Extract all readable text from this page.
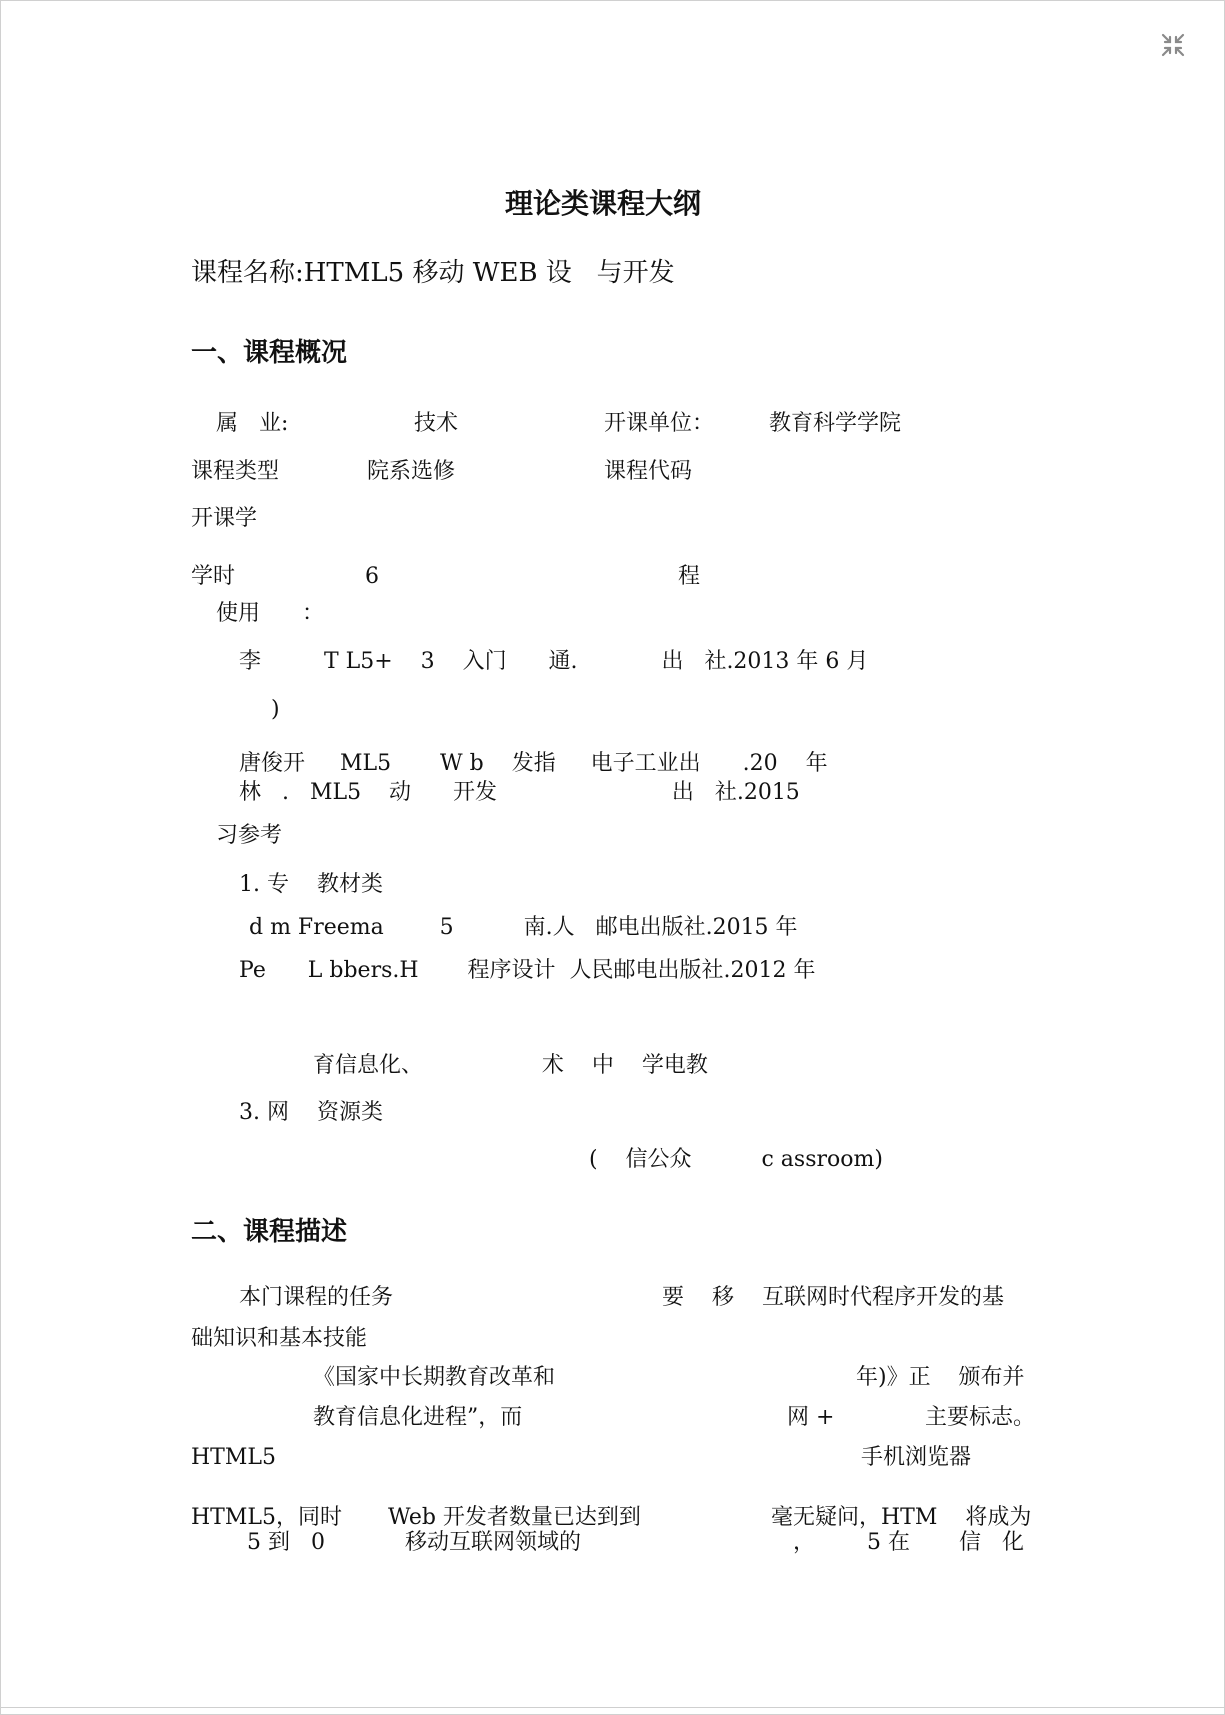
理论类课程大纲
课程名称:HTML5 移动 WEB 设   与开发
一、课程概况
属   业:	技术	开课单位： 教育科学学院
课程类型	院系选修	课程代码
开课学
学时	6	程
使用      ：
李         T L5+    3    入门      通.            出   社.2013 年 6 月
)
唐俊开     ML5       W b    发指     电子工业出      .20    年
林   .   ML5    动      开发                         出   社.2015
习参考
1. 专    教材类
d m Freema        5          南.人   邮电出版社.2015 年
Pe      L bbers.H       程序设计  人民邮电出版社.2012 年
育信息化、                 术    中    学电教
3. 网    资源类
(    信公众          c assroom)
二、课程描述
本门课程的任务	要    移    互联网时代程序开发的基
础知识和基本技能
《国家中长期教育改革和	年)》正    颁布并
教育信息化进程”，而	网 +	主要标志。
HTML5	手机浏览器
HTML5，同时 Web 开发者数量已达到到	毫无疑问，HTM    将成为
5 到   0	移动互联网领域的	， 5 在 信   化
